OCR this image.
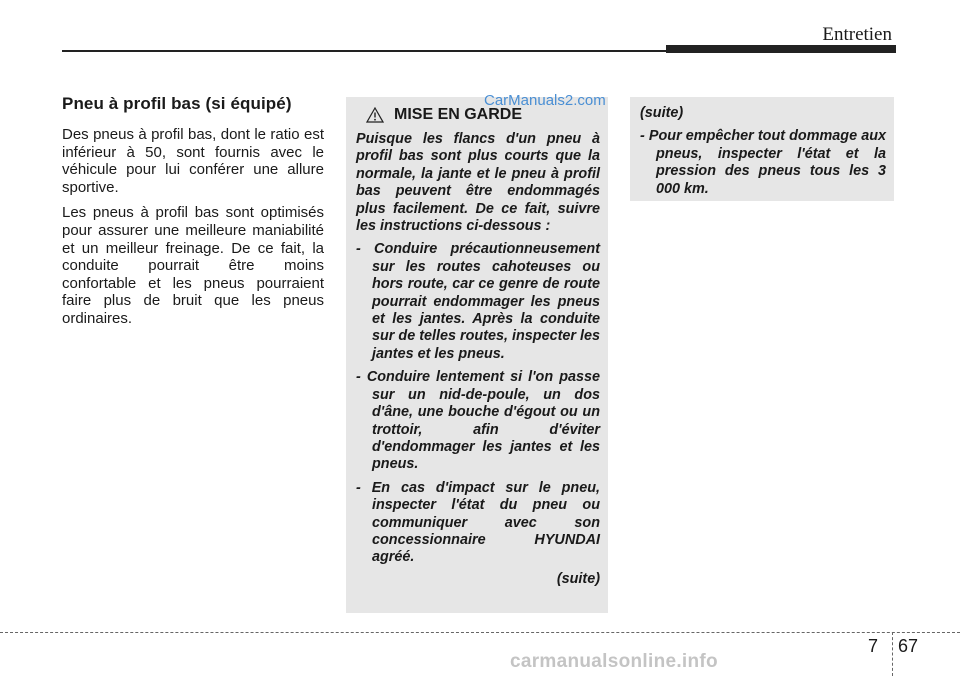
Entretien
CarManuals2.com
Pneu à profil bas (si équipé)

Des pneus à profil bas, dont le ratio est inférieur à 50, sont fournis avec le véhicule pour lui conférer une allure sportive.

Les pneus à profil bas sont optimisés pour assurer une meilleure maniabilité et un meilleur freinage. De ce fait, la conduite pourrait être moins confortable et les pneus pourraient faire plus de bruit que les pneus ordinaires.

MISE EN GARDE

Puisque les flancs d'un pneu à profil bas sont plus courts que la normale, la jante et le pneu à profil bas peuvent être endommagés plus facilement. De ce fait, suivre les instructions ci-dessous :

- Conduire précautionneusement sur les routes cahoteuses ou hors route, car ce genre de route pourrait endommager les pneus et les jantes. Après la conduite sur de telles routes, inspecter les jantes et les pneus.

- Conduire lentement si l'on passe sur un nid-de-poule, un dos d'âne, une bouche d'égout ou un trottoir, afin d'éviter d'endommager les jantes et les pneus.

- En cas d'impact sur le pneu, inspecter l'état du pneu ou communiquer avec son concessionnaire HYUNDAI agréé.

(suite)

(suite)

- Pour empêcher tout dommage aux pneus, inspecter l'état et la pression des pneus tous les 3 000 km.

7 67
carmanualsonline.info
